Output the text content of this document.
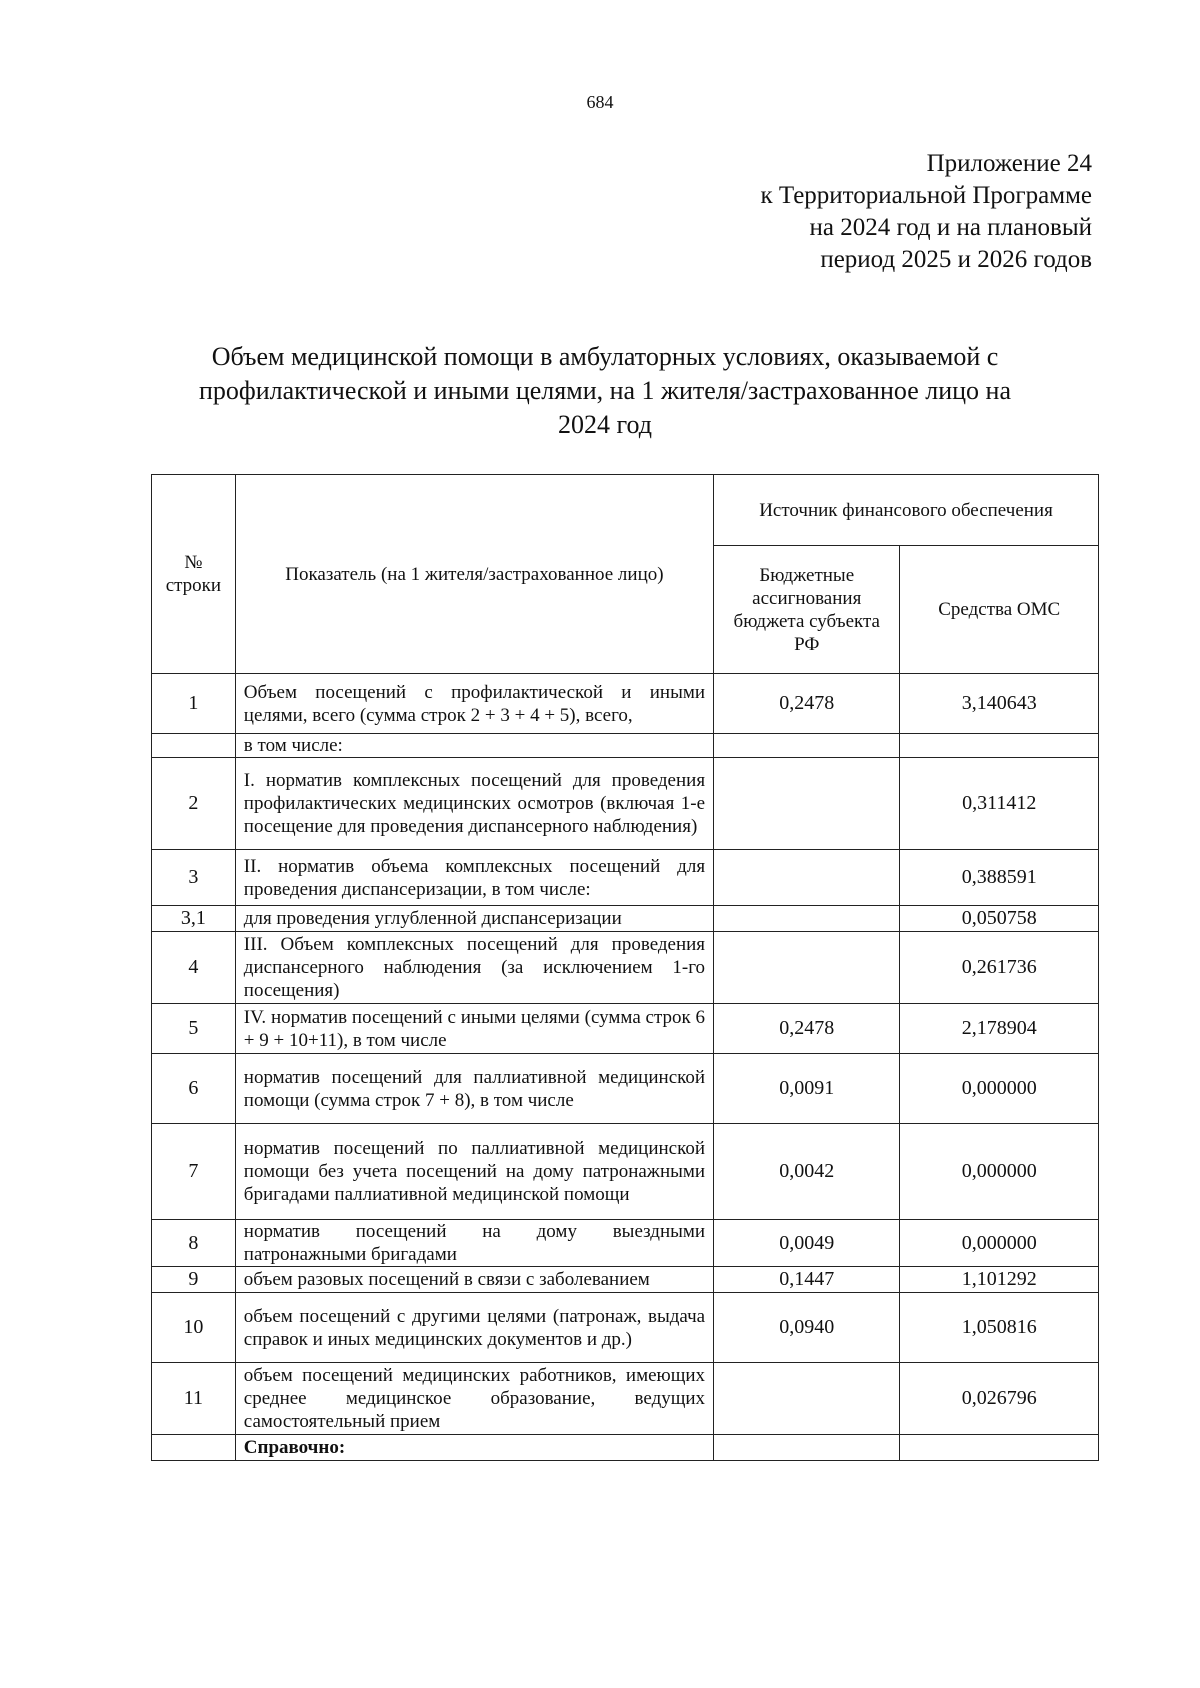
684
Приложение 24
к Территориальной Программе
на 2024 год и на плановый
период 2025 и 2026 годов
Объем медицинской помощи в амбулаторных условиях, оказываемой с
профилактической и иными целями, на 1 жителя/застрахованное лицо на
2024 год
№ строки	Показатель (на 1 жителя/застрахованное лицо)	Источник финансового обеспечения	
		Бюджетные ассигнования бюджета субъекта РФ	Средства ОМС
1	Объем посещений с профилактической и иными целями, всего (сумма строк 2 + 3 + 4 + 5), всего,	0,2478	3,140643
	в том числе:		
2	I. норматив комплексных посещений для проведения профилактических медицинских осмотров (включая 1-е посещение для проведения диспансерного наблюдения)		0,311412
3	II. норматив объема комплексных посещений для проведения диспансеризации, в том числе:		0,388591
3,1	для проведения углубленной диспансеризации		0,050758
4	III. Объем комплексных посещений для проведения диспансерного наблюдения (за исключением 1-го посещения)		0,261736
5	IV. норматив посещений с иными целями (сумма строк 6 + 9 + 10+11), в том числе	0,2478	2,178904
6	норматив посещений для паллиативной медицинской помощи (сумма строк 7 + 8), в том числе	0,0091	0,000000
7	норматив посещений по паллиативной медицинской помощи без учета посещений на дому патронажными бригадами паллиативной медицинской помощи	0,0042	0,000000
8	норматив посещений на дому выездными патронажными бригадами	0,0049	0,000000
9	объем разовых посещений в связи с заболеванием	0,1447	1,101292
10	объем посещений с другими целями (патронаж, выдача справок и иных медицинских документов и др.)	0,0940	1,050816
11	объем посещений медицинских работников, имеющих среднее медицинское образование, ведущих самостоятельный прием		0,026796
	Справочно:		
